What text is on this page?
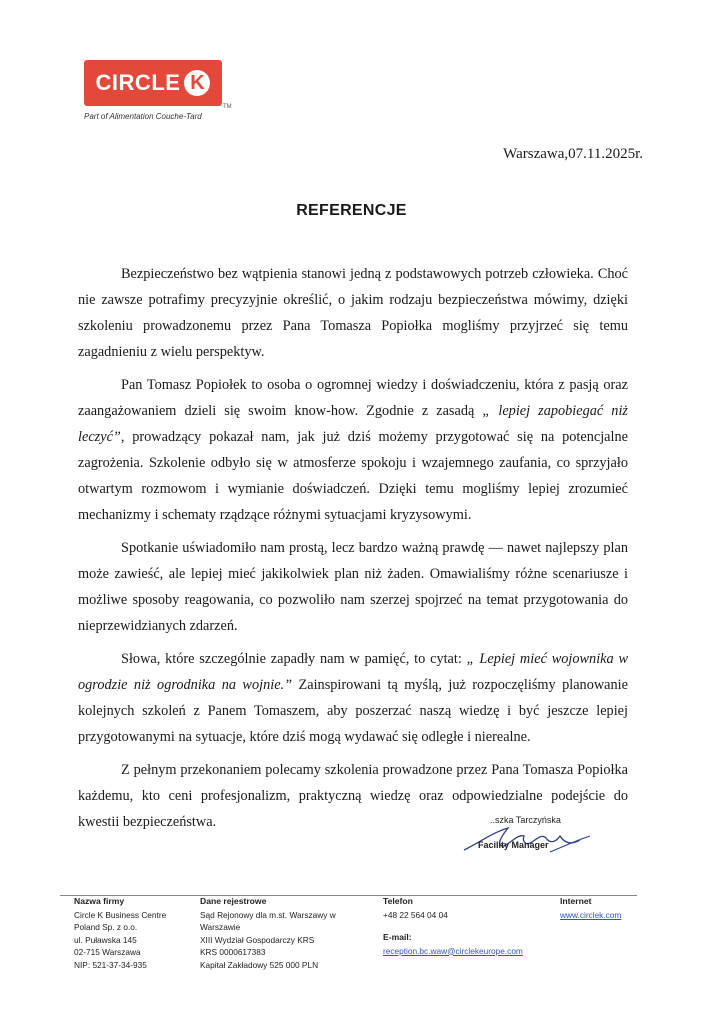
CIRCLE K
TM
Part of Alimentation Couche-Tard
Warszawa,07.11.2025r.
REFERENCJE

Bezpieczeństwo bez wątpienia stanowi jedną z podstawowych potrzeb człowieka. Choć nie zawsze potrafimy precyzyjnie określić, o jakim rodzaju bezpieczeństwa mówimy, dzięki szkoleniu prowadzonemu przez Pana Tomasza Popiołka mogliśmy przyjrzeć się temu zagadnieniu z wielu perspektyw.

Pan Tomasz Popiołek to osoba o ogromnej wiedzy i doświadczeniu, która z pasją oraz zaangażowaniem dzieli się swoim know-how. Zgodnie z zasadą „ lepiej zapobiegać niż leczyć”, prowadzący pokazał nam, jak już dziś możemy przygotować się na potencjalne zagrożenia. Szkolenie odbyło się w atmosferze spokoju i wzajemnego zaufania, co sprzyjało otwartym rozmowom i wymianie doświadczeń. Dzięki temu mogliśmy lepiej zrozumieć mechanizmy i schematy rządzące różnymi sytuacjami kryzysowymi.

Spotkanie uświadomiło nam prostą, lecz bardzo ważną prawdę — nawet najlepszy plan może zawieść, ale lepiej mieć jakikolwiek plan niż żaden. Omawialiśmy różne scenariusze i możliwe sposoby reagowania, co pozwoliło nam szerzej spojrzeć na temat przygotowania do nieprzewidzianych zdarzeń.

Słowa, które szczególnie zapadły nam w pamięć, to cytat: „ Lepiej mieć wojownika w ogrodzie niż ogrodnika na wojnie.” Zainspirowani tą myślą, już rozpoczęliśmy planowanie kolejnych szkoleń z Panem Tomaszem, aby poszerzać naszą wiedzę i być jeszcze lepiej przygotowanymi na sytuacje, które dziś mogą wydawać się odległe i nierealne.

Z pełnym przekonaniem polecamy szkolenia prowadzone przez Pana Tomasza Popiołka każdemu, kto ceni profesjonalizm, praktyczną wiedzę oraz odpowiedzialne podejście do kwestii bezpieczeństwa.	..szka Tarczyńska
Facility Manager
Nazwa firmy
Circle K Business Centre
Poland Sp. z o.o.
ul. Puławska 145
02-715 Warszawa
NIP: 521-37-34-935
Dane rejestrowe
Sąd Rejonowy dla m.st. Warszawy w
Warszawie
XIII Wydział Gospodarczy KRS
KRS 0000617383
Kapitał Zakładowy 525 000 PLN
Telefon
+48 22 564 04 04
E-mail:
reception.bc.waw@circlekeurope.com
Internet
www.circlek.com
